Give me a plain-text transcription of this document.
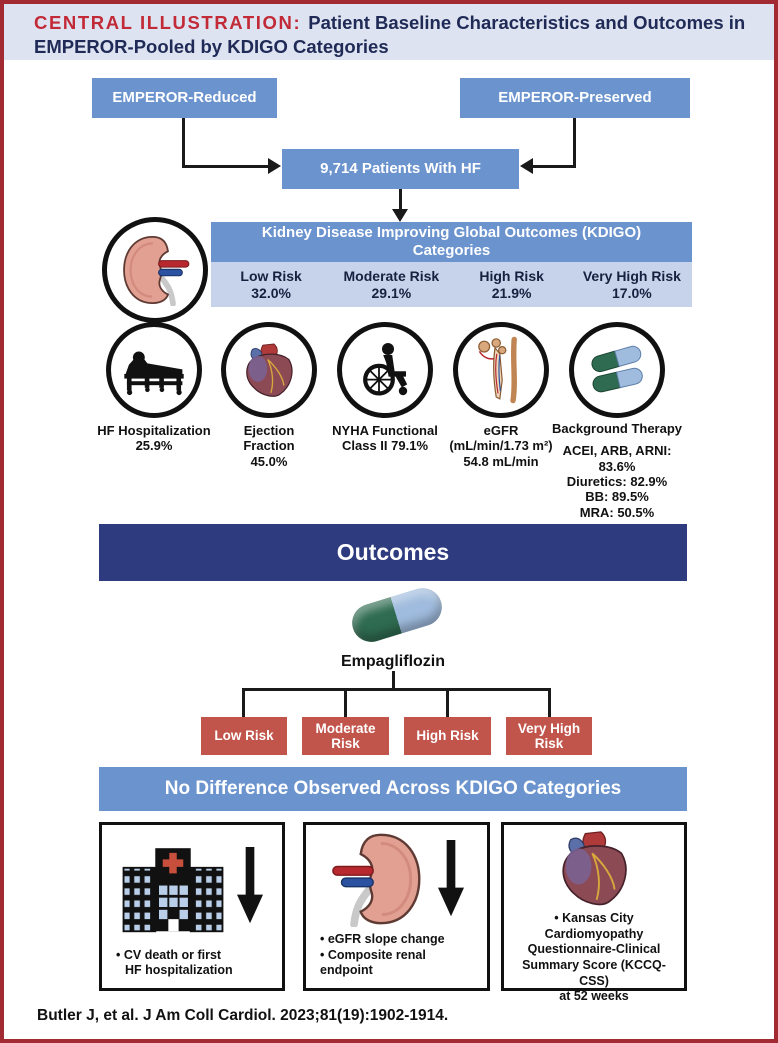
CENTRAL ILLUSTRATION: Patient Baseline Characteristics and Outcomes in EMPEROR-Pooled by KDIGO Categories
EMPEROR-Reduced	EMPEROR-Preserved
9,714 Patients With HF
Kidney Disease Improving Global Outcomes (KDIGO) Categories
Low Risk
32.0%
Moderate Risk
29.1%
High Risk
21.9%
Very High Risk
17.0%
HF Hospitalization
25.9%
Ejection
Fraction
45.0%
NYHA Functional
Class II 79.1%
eGFR
(mL/min/1.73 m²)
54.8 mL/min
Background Therapy
ACEI, ARB, ARNI:
83.6%
Diuretics: 82.9%
BB: 89.5%
MRA: 50.5%
Outcomes
Empagliflozin
Low Risk
Moderate Risk
High Risk
Very High Risk
No Difference Observed Across KDIGO Categories
• CV death or first
HF hospitalization
• eGFR slope change
• Composite renal endpoint
• Kansas City Cardiomyopathy
Questionnaire-Clinical
Summary Score (KCCQ-CSS)
at 52 weeks
Butler J, et al. J Am Coll Cardiol. 2023;81(19):1902-1914.
